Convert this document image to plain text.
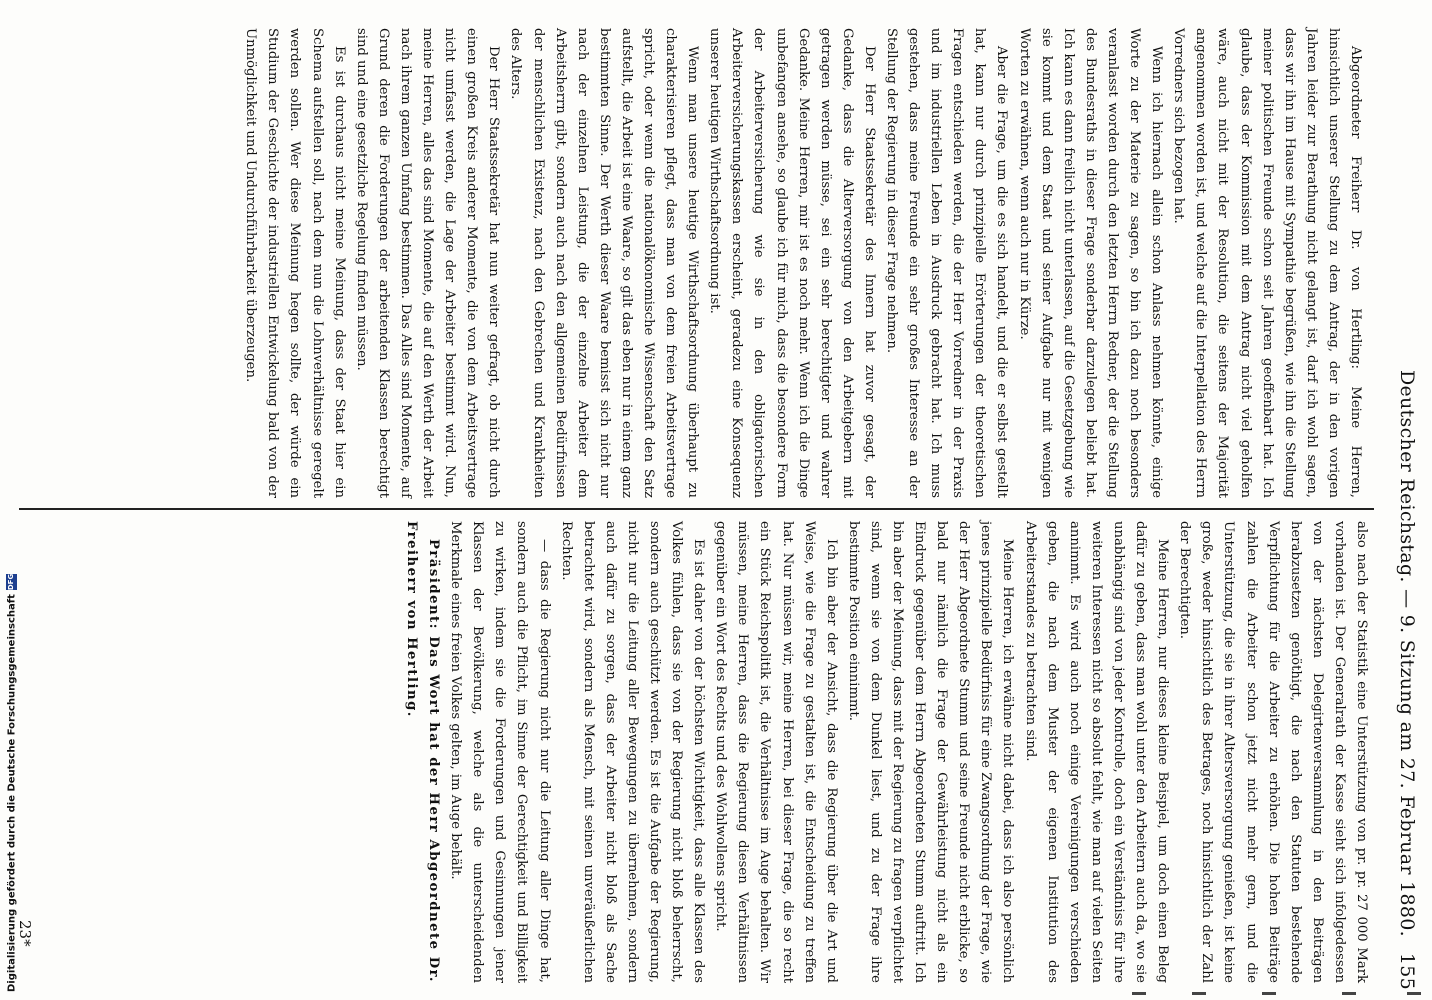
Deutscher Reichstag. — 9. Sitzung am 27. Februar 1880.
155

Abgeordneter Freiherr Dr. von Hertling: Meine Herren, hinsichtlich unserer Stellung zu dem Antrag, der in den vorigen Jahren leider zur Berathung nicht gelangt ist, darf ich wohl sagen, dass wir ihn im Hause mit Sympathie begrüßen, wie ihn die Stellung meiner politischen Freunde schon seit Jahren geoffenbart hat. Ich glaube, dass der Kommission mit dem Antrag nicht viel geholfen wäre, auch nicht mit der Resolution, die seitens der Majorität angenommen worden ist, und welche auf die Interpellation des Herrn Vorredners sich bezogen hat.

Wenn ich hiernach allein schon Anlass nehmen könnte, einige Worte zu der Materie zu sagen, so bin ich dazu noch besonders veranlasst worden durch den letzten Herrn Redner, der die Stellung des Bundesraths in dieser Frage sonderbar darzulegen beliebt hat. Ich kann es dann freilich nicht unterlassen, auf die Gesetzgebung wie sie kommt und dem Staat und seiner Aufgabe nur mit wenigen Worten zu erwähnen, wenn auch nur in Kürze.

Aber die Frage, um die es sich handelt, und die er selbst gestellt hat, kann nur durch prinzipielle Erörterungen der theoretischen Fragen entschieden werden, die der Herr Vorredner in der Praxis und im industriellen Leben in Ausdruck gebracht hat. Ich muss gestehen, dass meine Freunde ein sehr großes Interesse an der Stellung der Regierung in dieser Frage nehmen.

Der Herr Staatssekretär des Innern hat zuvor gesagt, der Gedanke, dass die Alterversorgung von den Arbeitgebern mit getragen werden müsse, sei ein sehr berechtigter und wahrer Gedanke. Meine Herren, mir ist es noch mehr. Wenn ich die Dinge unbefangen ansehe, so glaube ich für mich, dass die besondere Form der Arbeiterversicherung wie sie in den obligatorischen Arbeiterversicherungskassen erscheint, geradezu eine Konsequenz unserer heutigen Wirthschaftsordnung ist.

Wenn man unsere heutige Wirthschaftsordnung überhaupt zu charakterisieren pflegt, dass man von dem freien Arbeitsvertrage spricht, oder wenn die nationalökonomische Wissenschaft den Satz aufstellt, die Arbeit ist eine Waare, so gilt das eben nur in einem ganz bestimmten Sinne. Der Werth dieser Waare bemisst sich nicht nur nach der einzelnen Leistung, die der einzelne Arbeiter dem Arbeitsherrn gibt, sondern auch nach den allgemeinen Bedürfnissen der menschlichen Existenz, nach den Gebrechen und Krankheiten des Alters.

Der Herr Staatssekretär hat nun weiter gefragt, ob nicht durch einen großen Kreis anderer Momente, die von dem Arbeitsvertrage nicht umfasst werden, die Lage der Arbeiter bestimmt wird. Nun, meine Herren, alles das sind Momente, die auf den Werth der Arbeit nach ihrem ganzen Umfang bestimmen. Das Alles sind Momente, auf Grund deren die Forderungen der arbeitenden Klassen berechtigt sind und eine gesetzliche Regelung finden müssen.

Es ist durchaus nicht meine Meinung, dass der Staat hier ein Schema aufstellen soll, nach dem nun die Lohnverhältnisse geregelt werden sollen. Wer diese Meinung hegen sollte, der würde ein Studium der Geschichte der industriellen Entwickelung bald von der Unmöglichkeit und Undurchführbarkeit überzeugen.

also nach der Statistik eine Unterstützung von pr. pr. 27 000 Mark vorhanden ist. Der Generalrath der Kasse sieht sich infolgedessen von der nächsten Delegirtenversammlung in den Beiträgen herabzusetzen genöthigt, die nach den Statuten bestehende Verpflichtung für die Arbeiter zu erhöhen. Die hohen Beiträge zahlen die Arbeiter schon jetzt nicht mehr gern, und die Unterstützung, die sie in ihrer Altersversorgung genießen, ist keine große, weder hinsichtlich des Betrages, noch hinsichtlich der Zahl der Berechtigten.

Meine Herren, nur dieses kleine Beispiel, um doch einen Beleg dafür zu geben, dass man wohl unter den Arbeitern auch da, wo sie unabhängig sind von jeder Kontrolle, doch ein Verständniss für ihre weiteren Interessen nicht so absolut fehlt, wie man auf vielen Seiten annimmt. Es wird auch noch einige Vereinigungen verschieden geben, die nach dem Muster der eigenen Institution des Arbeiterstandes zu betrachten sind.

Meine Herren, ich erwähne nicht dabei, dass ich also persönlich jenes prinzipielle Bedürfniss für eine Zwangsordnung der Frage, wie der Herr Abgeordnete Stumm und seine Freunde nicht erblicke, so bald nur nämlich die Frage der Gewährleistung nicht als ein Eindruck gegenüber dem Herrn Abgeordneten Stumm auftritt. Ich bin aber der Meinung, dass mit der Regierung zu fragen verpflichtet sind, wenn sie von dem Dunkel liest, und zu der Frage ihre bestimmte Position einnimmt.

Ich bin aber der Ansicht, dass die Regierung über die Art und Weise, wie die Frage zu gestalten ist, die Entscheidung zu treffen hat. Nur müssen wir, meine Herren, bei dieser Frage, die so recht ein Stück Reichspolitik ist, die Verhältnisse im Auge behalten. Wir müssen, meine Herren, dass die Regierung diesen Verhältnissen gegenüber ein Wort des Rechts und des Wohlwollens spricht.

Es ist daher von der höchsten Wichtigkeit, dass alle Klassen des Volkes fühlen, dass sie von der Regierung nicht bloß beherrscht, sondern auch geschützt werden. Es ist die Aufgabe der Regierung, nicht nur die Leitung aller Bewegungen zu übernehmen, sondern auch dafür zu sorgen, dass der Arbeiter nicht bloß als Sache betrachtet wird, sondern als Mensch, mit seinen unveräußerlichen Rechten.

— dass die Regierung nicht nur die Leitung aller Dinge hat, sondern auch die Pflicht, im Sinne der Gerechtigkeit und Billigkeit zu wirken, indem sie die Forderungen und Gesinnungen jener Klassen der Bevölkerung, welche als die unterscheidenden Merkmale eines freien Volkes gelten, im Auge behält.

Präsident: Das Wort hat der Herr Abgeordnete Dr. Freiherr von Hertling.

23*
Digitalisierung gefördert durch die Deutsche ForschungsgemeinschaftDFG
